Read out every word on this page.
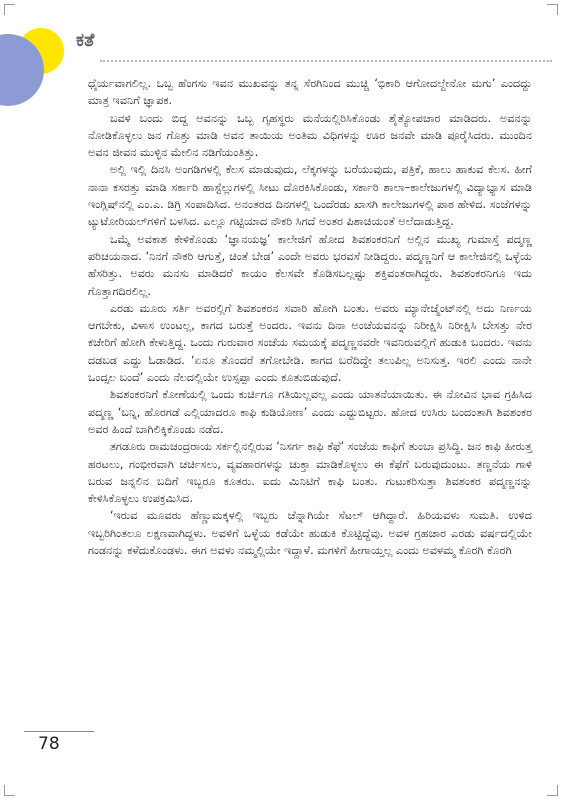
ಕತೆ

ಧೈರ್ಯವಾಗಲಿಲ್ಲ. ಒಬ್ಬ ಹೆಂಗಸು ಇವನ ಮುಖವನ್ನು ತನ್ನ ಸೆರಗಿನಿಂದ ಮುಚ್ಚಿ ‘ಭಿಕಾರಿ ಆಗೋದಲ್ದೇನೋ ಮಗು’ ಎಂದದ್ದು ಮಾತ್ರ ಇವನಿಗೆ ಜ್ಞಾಪಕ.

ಬವಳಿ ಬಂದು ಬಿದ್ದ ಅವನನ್ನು ಒಬ್ಬ ಗೃಹಸ್ಥರು ಮನೆಯಲ್ಲಿರಿಸಿಕೊಂಡು ಶೈತ್ಯೋಪಚಾರ ಮಾಡಿದರು. ಅವನನ್ನು ನೋಡಿಕೊಳ್ಳಲು ಜನ ಗೊತ್ತು ಮಾಡಿ ಅವನ ತಾಯಿಯ ಅಂತಿಮ ವಿಧಿಗಳನ್ನು ಊರ ಜನವೇ ಮಾಡಿ ಪೂರೈಸಿದರು. ಮುಂದಿನ ಅವನ ಜೀವನ ಮುಳ್ಳಿನ ಮೇಲಿನ ನಡಿಗೆಯಂತಿತ್ತು.

ಅಲ್ಲಿ ಇಲ್ಲಿ ದಿನಸಿ ಅಂಗಡಿಗಳಲ್ಲಿ ಕೆಲಸ ಮಾಡುವುದು, ಲೆಕ್ಕಗಳನ್ನು ಬರೆಯುವುದು, ಪತ್ರಿಕೆ, ಹಾಲು ಹಾಕುವ ಕೆಲಸ. ಹೀಗೆ ನಾನಾ ಕಸರತ್ತು ಮಾಡಿ ಸರ್ಕಾರಿ ಹಾಸ್ಟೆಲ್ಲುಗಳಲ್ಲಿ ಸೀಟು ದೊರಕಿಸಿಕೊಂಡು, ಸರ್ಕಾರಿ ಶಾಲಾ–ಕಾಲೇಜುಗಳಲ್ಲಿ ವಿದ್ಯಾಭ್ಯಾಸ ಮಾಡಿ ಇಂಗ್ಲಿಷ್‌ನಲ್ಲಿ ಎಂ.ಎ. ಡಿಗ್ರಿ ಸಂಪಾದಿಸಿದ. ಅನಂತರದ ದಿನಗಳಲ್ಲಿ ಒಂದೆರಡು ಖಾಸಗಿ ಕಾಲೇಜುಗಳಲ್ಲಿ ಪಾಠ ಹೇಳಿದ. ಸಂಜೆಗಳನ್ನು ಟ್ಯುಟೋರಿಯಲ್‌ಗಳಿಗೆ ಬಳಸಿದ. ಎಲ್ಲೂ ಗಟ್ಟಿಯಾದ ನೌಕರಿ ಸಿಗದೆ ಅಂತರ ಪಿಶಾಚಿಯಂತೆ ಅಲೆದಾಡುತ್ತಿದ್ದ.

ಒಮ್ಮೆ ಅವಕಾಶ ಕೇಳಿಕೊಂಡು ‘ಜ್ಞಾನಯಜ್ಞ’ ಕಾಲೇಜಿಗೆ ಹೋದ ಶಿವಶಂಕರನಿಗೆ ಅಲ್ಲಿನ ಮುಖ್ಯ ಗುಮಾಸ್ತೆ ಪದ್ಮಣ್ಣ ಪರಿಚಯನಾದ. ‘ನಿನಗೆ ನೌಕರಿ ಆಗುತ್ತೆ, ಚಿಂತೆ ಬೇಡ’ ಎಂದೇ ಅವರು ಭರವಸೆ ನೀಡಿದ್ದರು. ಪದ್ಮಣ್ಣನಿಗೆ ಆ ಕಾಲೇಜಿನಲ್ಲಿ ಒಳ್ಳೆಯ ಹೆಸರಿತ್ತು. ಅವರು ಮನಸು ಮಾಡಿದರೆ ಕಾಯಂ ಕೆಲಸವೇ ಕೊಡಿಸಬಲ್ಲಷ್ಟು ಶಕ್ತಿವಂತರಾಗಿದ್ದರು. ಶಿವಶಂಕರನಿಗೂ ಇದು ಗೊತ್ತಾಗದಿರಲಿಲ್ಲ.

ಎರಡು ಮೂರು ಸರ್ತಿ ಅವರಲ್ಲಿಗೆ ಶಿವಶಂಕರನ ಸವಾರಿ ಹೋಗಿ ಬಂತು. ಅವರು ಮ್ಯಾನೇಜ್ಮೆಂಟ್‌ನಲ್ಲಿ ಅದು ನಿರ್ಣಯ ಆಗಬೇಕು, ವಿಳಾಸ ಉಂಟಲ್ಲ, ಕಾಗದ ಬರುತ್ತೆ ಅಂದರು. ಇವನು ದಿನಾ ಅಂಚೆಯವನನ್ನು ನಿರೀಕ್ಷಿಸಿ ನಿರೀಕ್ಷಿಸಿ ಬೇಸತ್ತು ನೇರ ಕಚೇರಿಗೆ ಹೋಗಿ ಕೇಳುತ್ತಿದ್ದ. ಒಂದು ಗುರುವಾರ ಸಂಜೆಯ ಸಮಯಕ್ಕೆ ಪದ್ಮಣ್ಣನವರೇ ಇವನಿರುವಲ್ಲಿಗೆ ಹುಡುಕಿ ಬಂದರು. ಇವನು ದಡಬಡ ಎದ್ದು ಓಡಾಡಿದ. ‘ಏನೂ ತೊಂದರೆ ತಗೋಬೇಡಿ. ಕಾಗದ ಬರೆದಿದ್ದೇ ತಲುಪಿಲ್ಲ ಅನಿಸುತ್ತ. ಇರಲಿ ಎಂದು ನಾನೇ ಒಂದ್ಸಲ ಬಂದೆ’ ಎಂದು ನೆಲದಲ್ಲಿಯೇ ಉಸ್ಸಪ್ಪಾ ಎಂದು ಕೂತುಬಿಡುವುದೆ.

ಶಿವಶಂಕರನಿಗೆ ಕೋಣೆಯಲ್ಲಿ ಒಂದು ಕುರ್ಚಿಗೂ ಗತಿಯಿಲ್ಲವಲ್ಲ ಎಂದು ಯಾತನೆಯಾಯಿತು. ಈ ನೋವಿನ ಭಾವ ಗ್ರಹಿಸಿದ ಪದ್ಮಣ್ಣ ‘ಬನ್ನಿ, ಹೊರಗಡೆ ಎಲ್ಲಿಯಾದರೂ ಕಾಫಿ ಕುಡಿಯೋಣ’ ಎಂದು ಎದ್ದುಬಿಟ್ಟರು. ಹೋದ ಉಸಿರು ಬಂದಂತಾಗಿ ಶಿವಶಂಕರ ಅವರ ಹಿಂದೆ ಬಾಗಿಲಿಕ್ಕಿಕೊಂಡು ನಡೆದ.

ತಗಡೂರು ರಾಮಚಂದ್ರರಾಯ ಸರ್ಕಲ್ಲಿನಲ್ಲಿರುವ ‘ನಿಸರ್ಗ ಕಾಫಿ ಕೆಫೆ’ ಸಂಜೆಯ ಕಾಫಿಗೆ ತುಂಬಾ ಪ್ರಸಿದ್ಧಿ. ಜನ ಕಾಫಿ ಹೀರುತ್ತ ಹರಟಲು, ಗಂಭೀರವಾಗಿ ಚರ್ಚಿಸಲು, ವ್ಯವಹಾರಗಳನ್ನು ಚುಕ್ತಾ ಮಾಡಿಕೊಳ್ಳಲು ಈ ಕೆಫೆಗೆ ಬರುವುದುಂಟು. ತಣ್ಣನೆಯ ಗಾಳಿ ಬರುವ ಜನ್ನಲಿನ ಬದಿಗೆ ಇಬ್ಬರೂ ಕೂತರು. ಐದು ಮಿನಿಟಿಗೆ ಕಾಫಿ ಬಂತು. ಗುಟುಕರಿಸುತ್ತಾ ಶಿವಶಂಕರ ಪದ್ಮಣ್ಣನನ್ನು ಕೇಳಿಸಿಕೊಳ್ಳಲು ಉಪಕ್ರಮಿಸಿದ.

‘ಇರುವ ಮೂವರು ಹೆಣ್ಣುಮಕ್ಕಳಲ್ಲಿ ಇಬ್ಬರು ಚೆನ್ನಾಗಿಯೇ ಸೆಟಲ್ ಆಗಿದ್ದಾರೆ. ಹಿರಿಯವಳು ಸುಮತಿ. ಉಳಿದ ಇಬ್ಬರಿಗಿಂತಲೂ ಲಕ್ಷಣವಾಗಿದ್ದಳು. ಅವಳಿಗೆ ಒಳ್ಳೆಯ ಕಡೆಯೇ ಹುಡುಕಿ ಕೊಟ್ಟಿದ್ದೆವು. ಅವಳ ಗ್ರಹಚಾರ ಎರಡು ವರ್ಷದಲ್ಲಿಯೇ ಗಂಡನನ್ನು ಕಳೆದುಕೊಂಡಳು. ಈಗ ಅವಳು ನಮ್ಮಲ್ಲಿಯೇ ಇದ್ದಾಳೆ. ಮಗಳಿಗೆ ಹೀಗಾಯ್ತಲ್ಲ ಎಂದು ಅವಳಮ್ಮ ಕೊರಗಿ ಕೊರಗಿ

78
